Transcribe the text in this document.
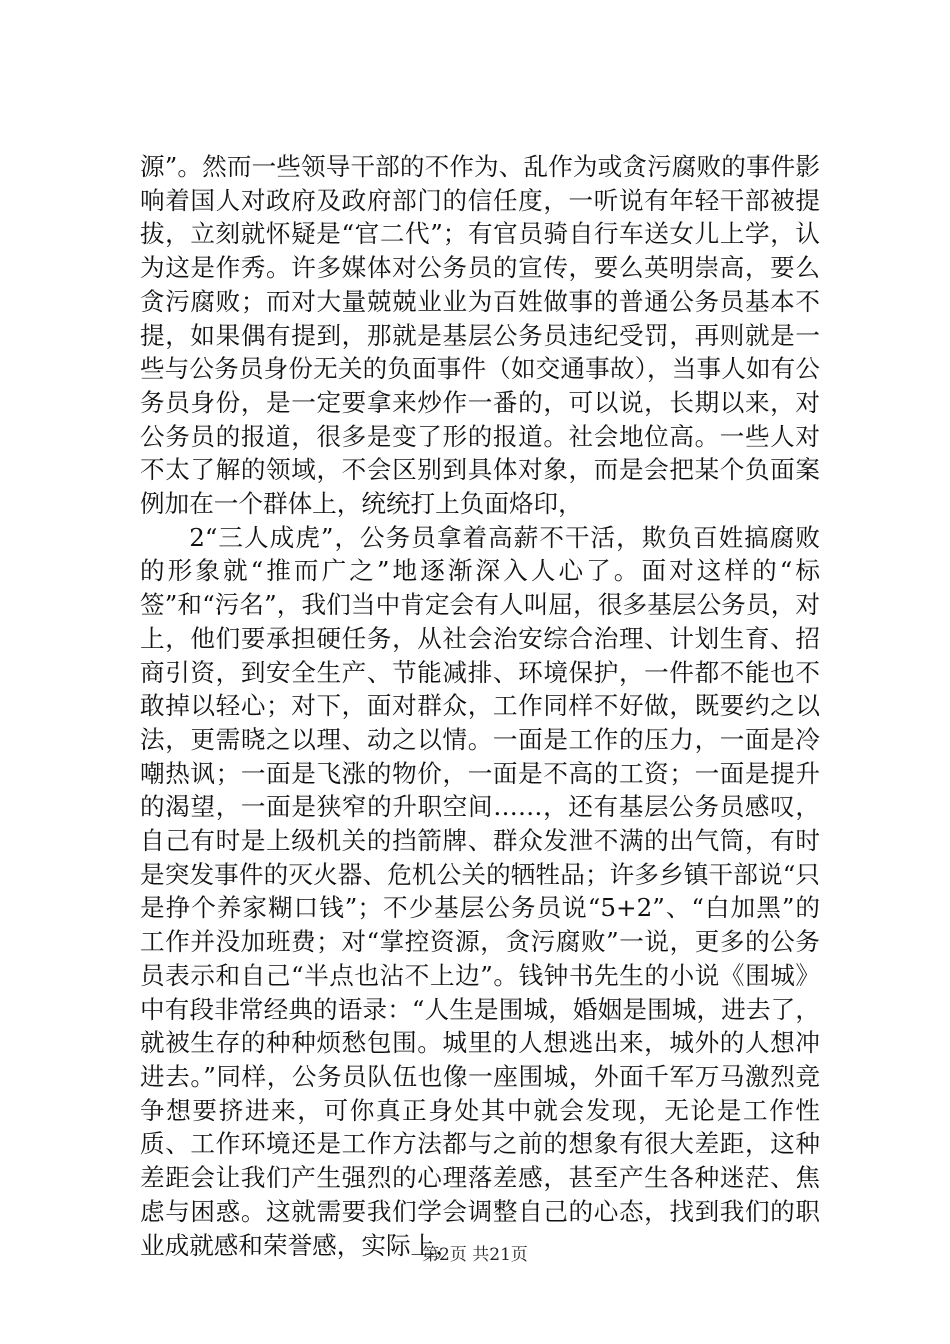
源”。然而一些领导干部的不作为、乱作为或贪污腐败的事件影响着国人对政府及政府部门的信任度，一听说有年轻干部被提拔，立刻就怀疑是“官二代”；有官员骑自行车送女儿上学，认为这是作秀。许多媒体对公务员的宣传，要么英明崇高，要么贪污腐败；而对大量兢兢业业为百姓做事的普通公务员基本不提，如果偶有提到，那就是基层公务员违纪受罚，再则就是一些与公务员身份无关的负面事件（如交通事故），当事人如有公务员身份，是一定要拿来炒作一番的，可以说，长期以来，对公务员的报道，很多是变了形的报道。社会地位高。一些人对不太了解的领域，不会区别到具体对象，而是会把某个负面案例加在一个群体上，统统打上负面烙印，

2“三人成虎”，公务员拿着高薪不干活，欺负百姓搞腐败的形象就“推而广之”地逐渐深入人心了。面对这样的“标签”和“污名”，我们当中肯定会有人叫屈，很多基层公务员，对上，他们要承担硬任务，从社会治安综合治理、计划生育、招商引资，到安全生产、节能减排、环境保护，一件都不能也不敢掉以轻心；对下，面对群众，工作同样不好做，既要约之以法，更需晓之以理、动之以情。一面是工作的压力，一面是冷嘲热讽；一面是飞涨的物价，一面是不高的工资；一面是提升的渴望，一面是狭窄的升职空间……，还有基层公务员感叹，自己有时是上级机关的挡箭牌、群众发泄不满的出气筒，有时是突发事件的灭火器、危机公关的牺牲品；许多乡镇干部说“只是挣个养家糊口钱”；不少基层公务员说“5+2”、“白加黑”的工作并没加班费；对“掌控资源，贪污腐败”一说，更多的公务员表示和自己“半点也沾不上边”。钱钟书先生的小说《围城》中有段非常经典的语录：“人生是围城，婚姻是围城，进去了，就被生存的种种烦愁包围。城里的人想逃出来，城外的人想冲进去。”同样，公务员队伍也像一座围城，外面千军万马激烈竞争想要挤进来，可你真正身处其中就会发现，无论是工作性质、工作环境还是工作方法都与之前的想象有很大差距，这种差距会让我们产生强烈的心理落差感，甚至产生各种迷茫、焦虑与困惑。这就需要我们学会调整自己的心态，找到我们的职业成就感和荣誉感，实际上，

第2页 共21页
